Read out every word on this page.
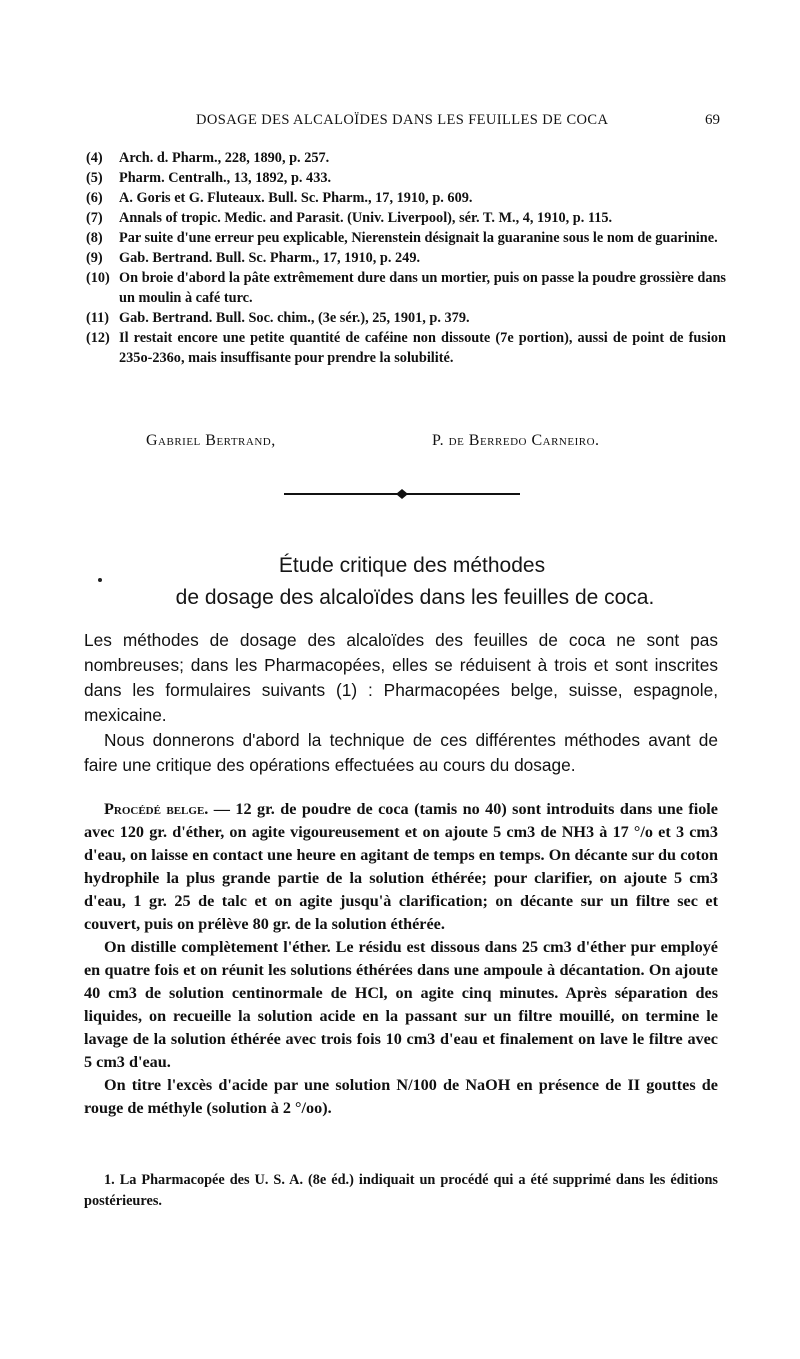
DOSAGE DES ALCALOÏDES DANS LES FEUILLES DE COCA	69
(4) Arch. d. Pharm., 228, 1890, p. 257.
(5) Pharm. Centralh., 13, 1892, p. 433.
(6) A. Goris et G. Fluteaux. Bull. Sc. Pharm., 17, 1910, p. 609.
(7) Annals of tropic. Medic. and Parasit. (Univ. Liverpool), sér. T. M., 4, 1910, p. 115.
(8) Par suite d'une erreur peu explicable, Nierenstein désignait la guaranine sous le nom de guarinine.
(9) Gab. Bertrand. Bull. Sc. Pharm., 17, 1910, p. 249.
(10) On broie d'abord la pâte extrêmement dure dans un mortier, puis on passe la poudre grossière dans un moulin à café turc.
(11) Gab. Bertrand. Bull. Soc. chim., (3e sér.), 25, 1901, p. 379.
(12) Il restait encore une petite quantité de caféine non dissoute (7e portion), aussi de point de fusion 235o-236o, mais insuffisante pour prendre la solubilité.
Gabriel Bertrand,	P. de Berredo Carneiro.
Étude critique des méthodes
de dosage des alcaloïdes dans les feuilles de coca.

Les méthodes de dosage des alcaloïdes des feuilles de coca ne sont pas nombreuses; dans les Pharmacopées, elles se réduisent à trois et sont inscrites dans les formulaires suivants (1) : Pharmacopées belge, suisse, espagnole, mexicaine.

Nous donnerons d'abord la technique de ces différentes méthodes avant de faire une critique des opérations effectuées au cours du dosage.

Procédé belge. — 12 gr. de poudre de coca (tamis no 40) sont introduits dans une fiole avec 120 gr. d'éther, on agite vigoureusement et on ajoute 5 cm3 de NH3 à 17 °/o et 3 cm3 d'eau, on laisse en contact une heure en agitant de temps en temps. On décante sur du coton hydrophile la plus grande partie de la solution éthérée; pour clarifier, on ajoute 5 cm3 d'eau, 1 gr. 25 de talc et on agite jusqu'à clarification; on décante sur un filtre sec et couvert, puis on prélève 80 gr. de la solution éthérée.

On distille complètement l'éther. Le résidu est dissous dans 25 cm3 d'éther pur employé en quatre fois et on réunit les solutions éthérées dans une ampoule à décantation. On ajoute 40 cm3 de solution centinormale de HCl, on agite cinq minutes. Après séparation des liquides, on recueille la solution acide en la passant sur un filtre mouillé, on termine le lavage de la solution éthérée avec trois fois 10 cm3 d'eau et finalement on lave le filtre avec 5 cm3 d'eau.

On titre l'excès d'acide par une solution N/100 de NaOH en présence de II gouttes de rouge de méthyle (solution à 2 °/oo).

1. La Pharmacopée des U. S. A. (8e éd.) indiquait un procédé qui a été supprimé dans les éditions postérieures.
